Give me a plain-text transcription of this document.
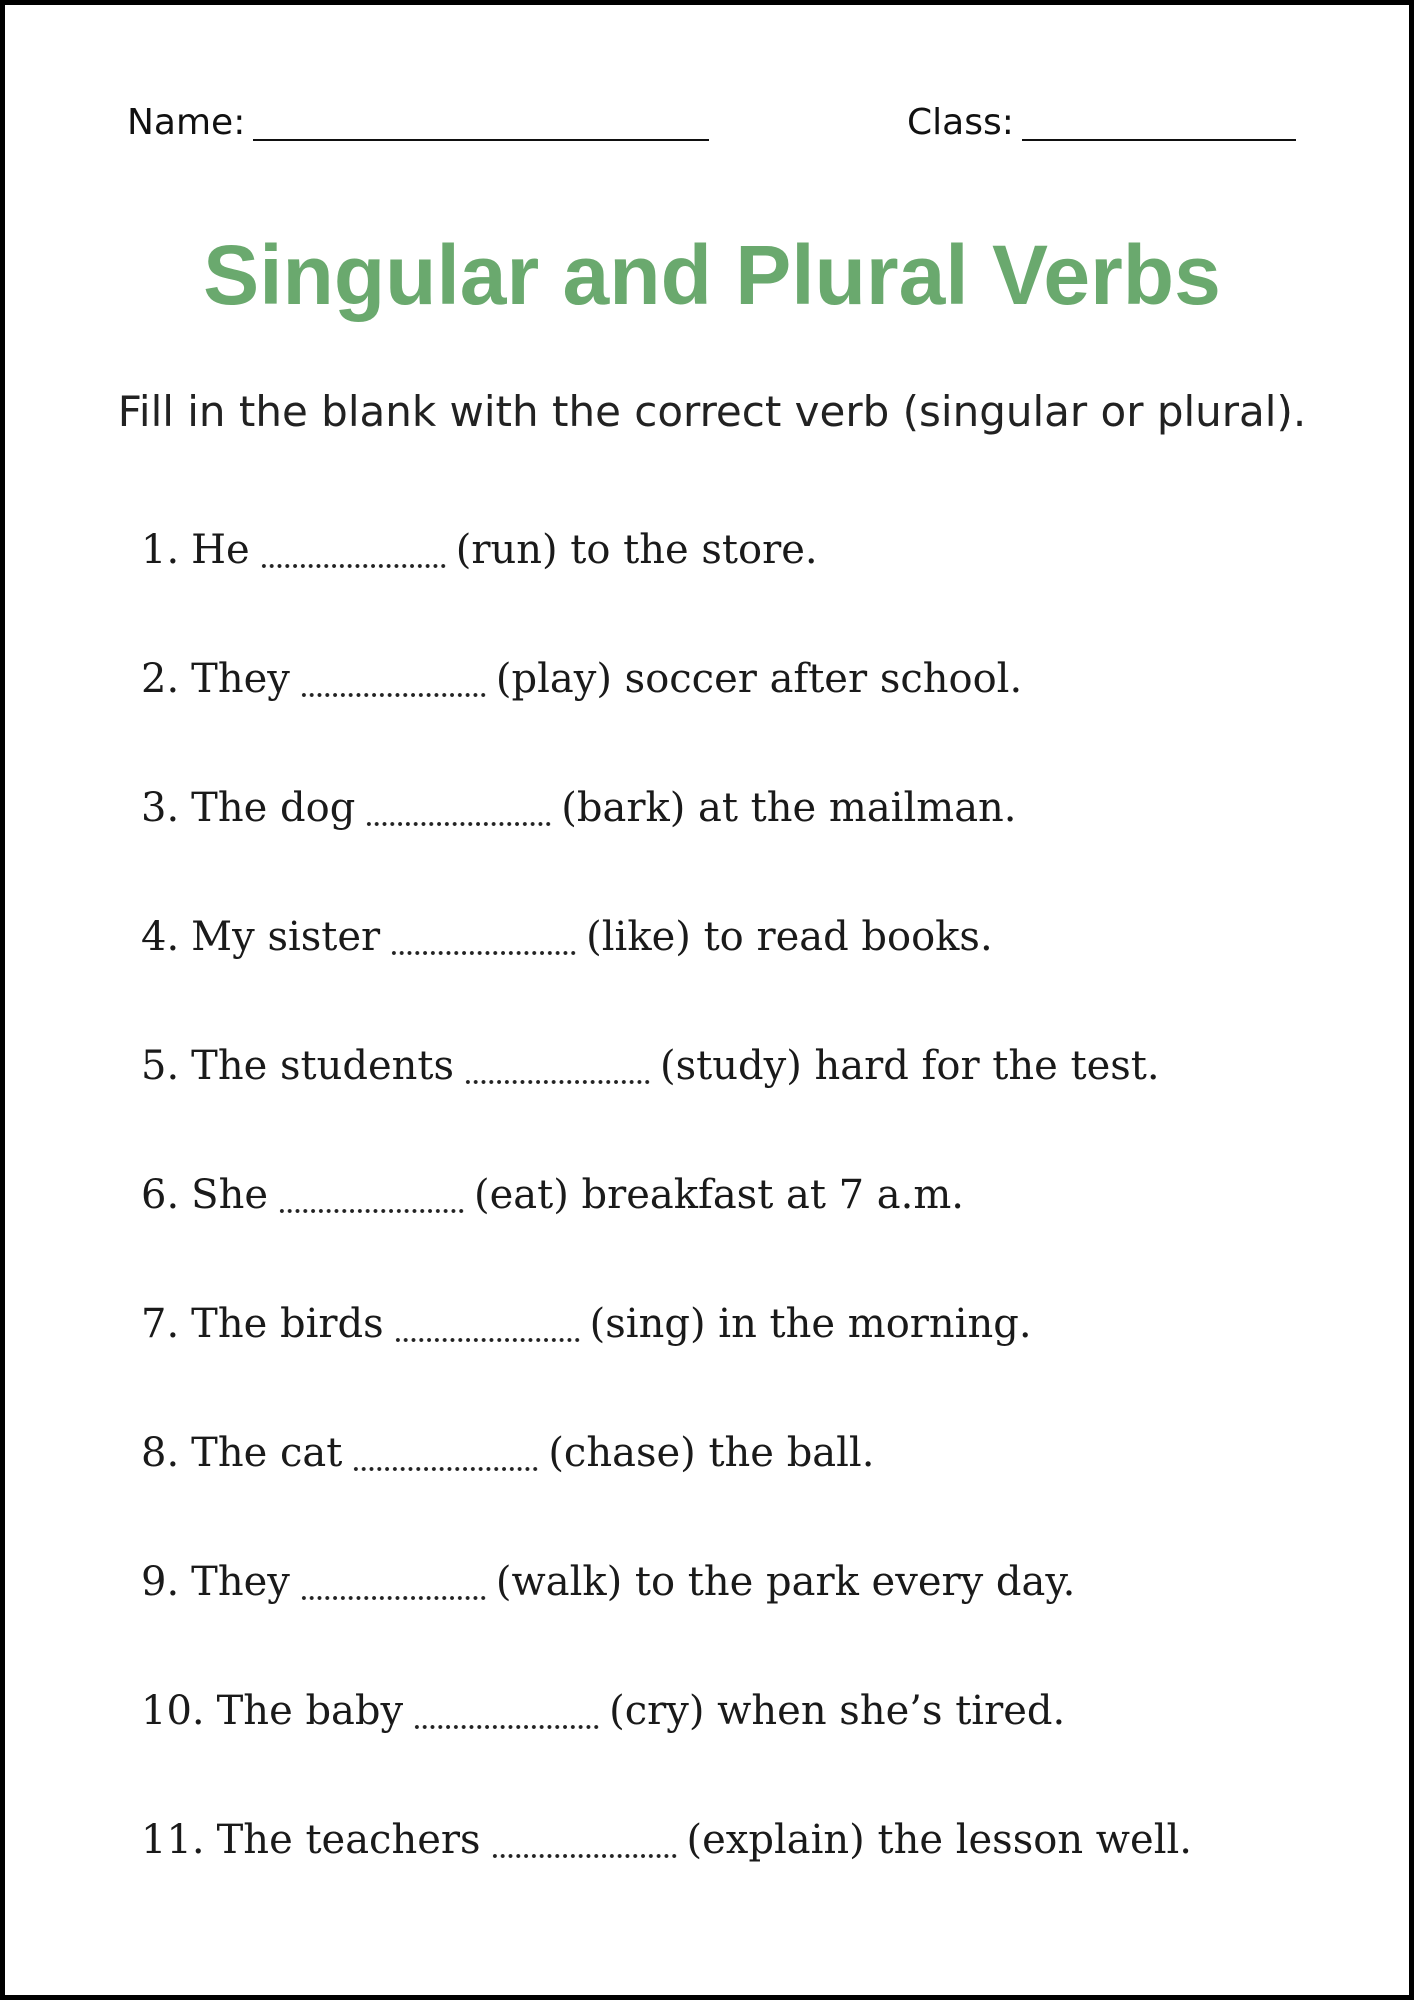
Name:	Class:
Singular and Plural Verbs

Fill in the blank with the correct verb (singular or plural).

1. He	(run) to the store.
2. They	(play) soccer after school.
3. The dog	(bark) at the mailman.
4. My sister	(like) to read books.
5. The students	(study) hard for the test.
6. She	(eat) breakfast at 7 a.m.
7. The birds	(sing) in the morning.
8. The cat	(chase) the ball.
9. They	(walk) to the park every day.
10. The baby	(cry) when she’s tired.
11. The teachers	(explain) the lesson well.
